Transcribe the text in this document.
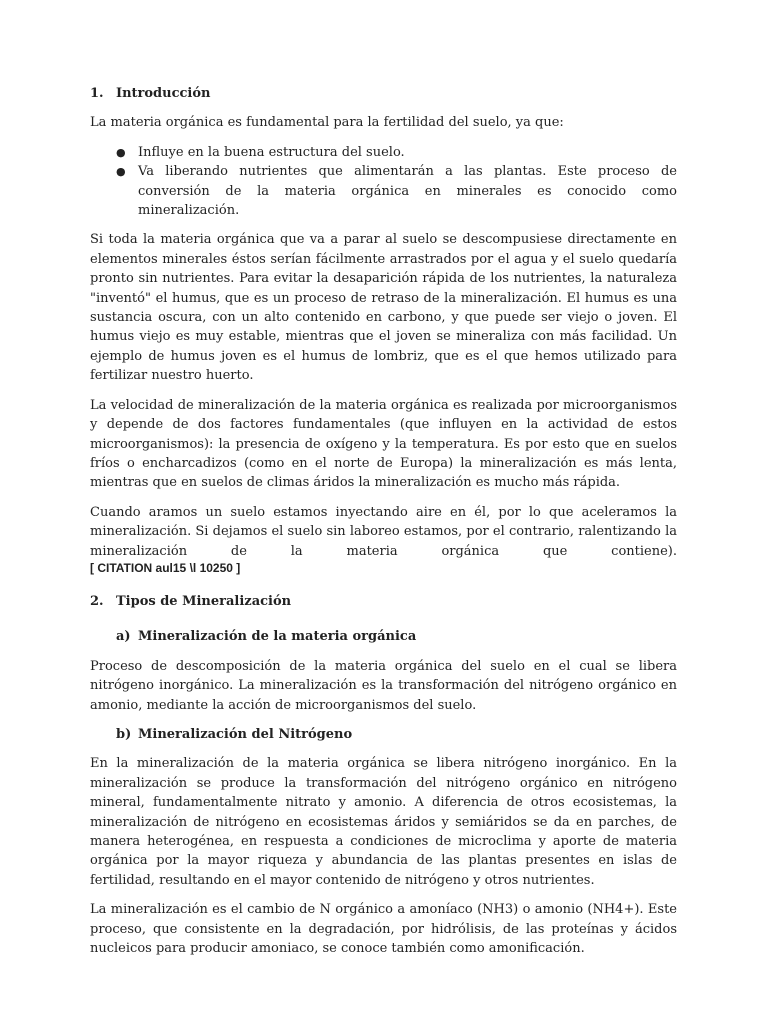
1. Introducción

La materia orgánica es fundamental para la fertilidad del suelo, ya que:

● Influye en la buena estructura del suelo.
● Va liberando nutrientes que alimentarán a las plantas. Este proceso de conversión de la materia orgánica en minerales es conocido como mineralización.

Si toda la materia orgánica que va a parar al suelo se descompusiese directamente en elementos minerales éstos serían fácilmente arrastrados por el agua y el suelo quedaría pronto sin nutrientes. Para evitar la desaparición rápida de los nutrientes, la naturaleza "inventó" el humus, que es un proceso de retraso de la mineralización. El humus es una sustancia oscura, con un alto contenido en carbono, y que puede ser viejo o joven. El humus viejo es muy estable, mientras que el joven se mineraliza con más facilidad. Un ejemplo de humus joven es el humus de lombriz, que es el que hemos utilizado para fertilizar nuestro huerto.

La velocidad de mineralización de la materia orgánica es realizada por microorganismos y depende de dos factores fundamentales (que influyen en la actividad de estos microorganismos): la presencia de oxígeno y la temperatura. Es por esto que en suelos fríos o encharcadizos (como en el norte de Europa) la mineralización es más lenta, mientras que en suelos de climas áridos la mineralización es mucho más rápida.

Cuando aramos un suelo estamos inyectando aire en él, por lo que aceleramos la mineralización. Si dejamos el suelo sin laboreo estamos, por el contrario, ralentizando la mineralización de la materia orgánica que contiene).

[ CITATION aul15 \l 10250 ]
2. Tipos de Mineralización
a) Mineralización de la materia orgánica

Proceso de descomposición de la materia orgánica del suelo en el cual se libera nitrógeno inorgánico. La mineralización es la transformación del nitrógeno orgánico en amonio, mediante la acción de microorganismos del suelo.

b) Mineralización del Nitrógeno

En la mineralización de la materia orgánica se libera nitrógeno inorgánico. En la mineralización se produce la transformación del nitrógeno orgánico en nitrógeno mineral, fundamentalmente nitrato y amonio. A diferencia de otros ecosistemas, la mineralización de nitrógeno en ecosistemas áridos y semiáridos se da en parches, de manera heterogénea, en respuesta a condiciones de microclima y aporte de materia orgánica por la mayor riqueza y abundancia de las plantas presentes en islas de fertilidad, resultando en el mayor contenido de nitrógeno y otros nutrientes.

La mineralización es el cambio de N orgánico a amoníaco (NH3) o amonio (NH4+). Este proceso, que consistente en la degradación, por hidrólisis, de las proteínas y ácidos nucleicos para producir amoniaco, se conoce también como amonificación.
